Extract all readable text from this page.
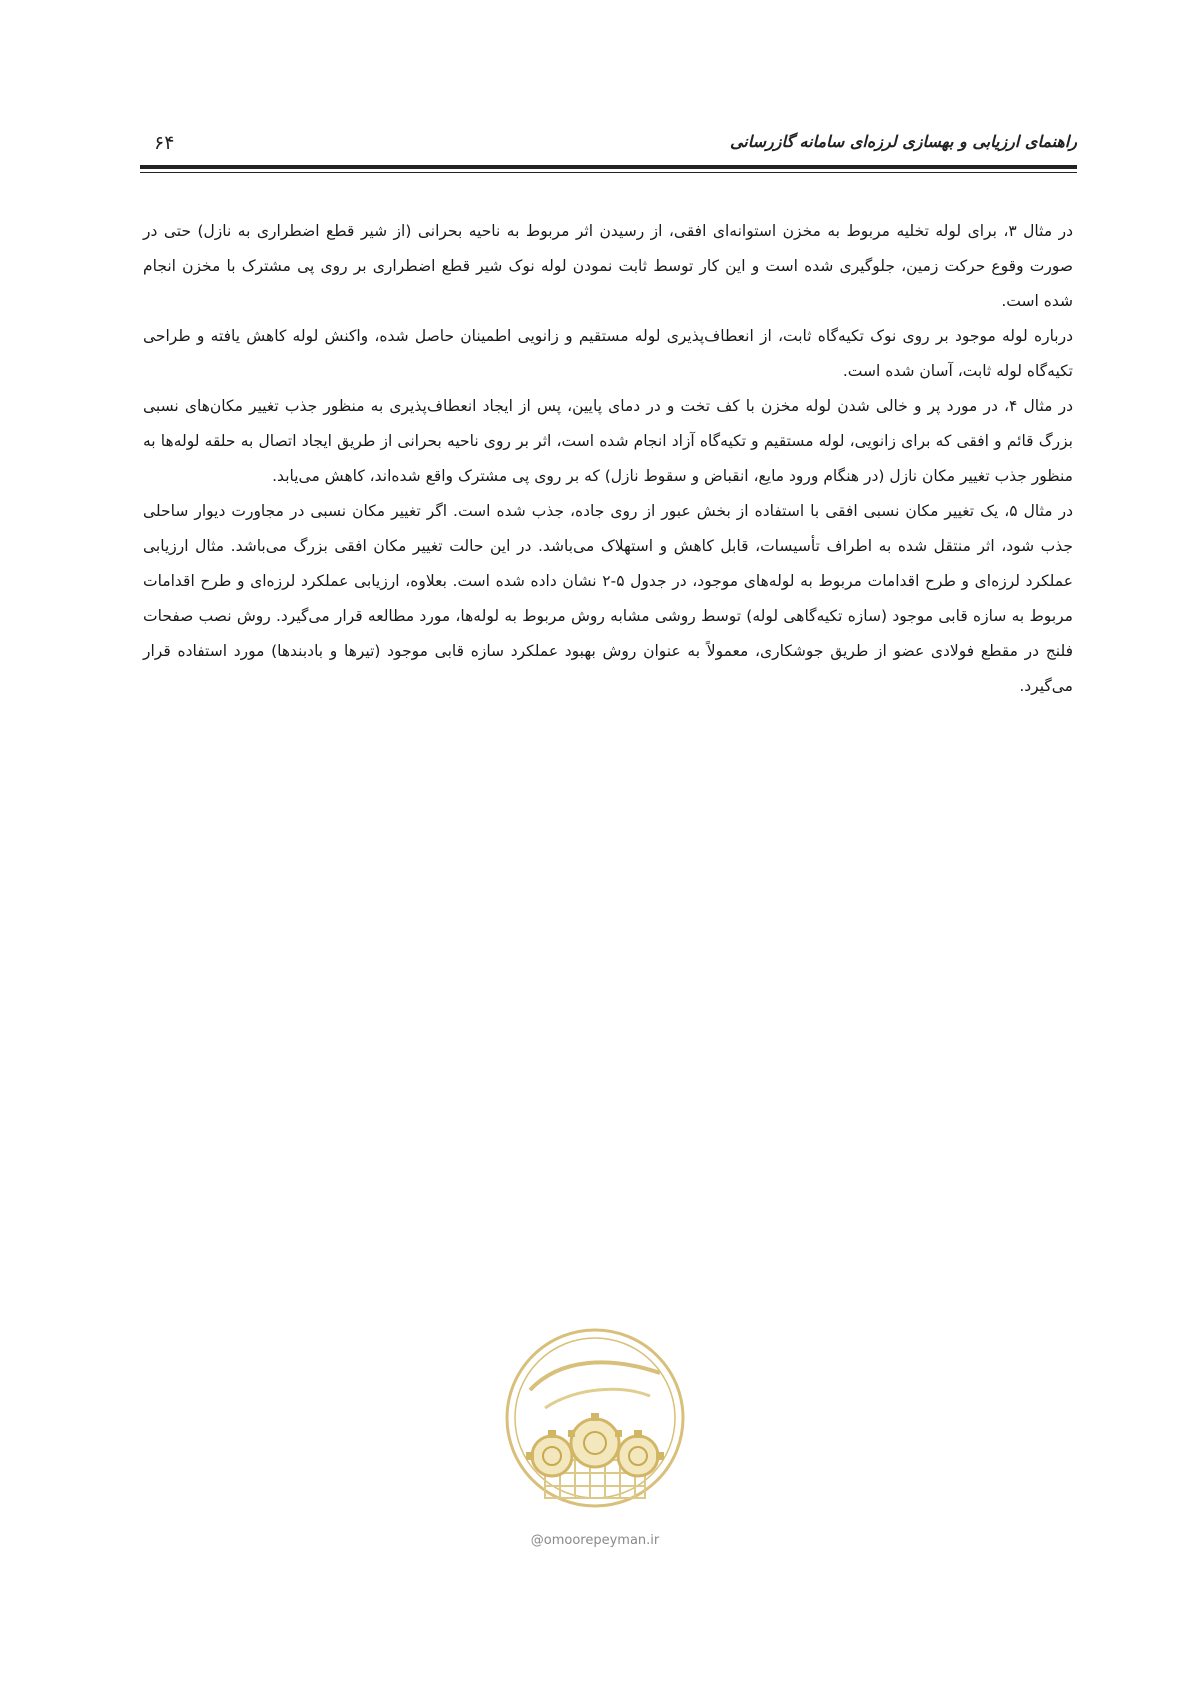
۶۴	راهنمای ارزیابی و بهسازی لرزه‌ای سامانه گازرسانی

در مثال ۳، برای لوله تخلیه مربوط به مخزن استوانه‌ای افقی، از رسیدن اثر مربوط به ناحیه بحرانی (از شیر قطع اضطراری به نازل) حتی در صورت وقوع حرکت زمین، جلوگیری شده است و این کار توسط ثابت نمودن لوله نوک شیر قطع اضطراری بر روی پی مشترک با مخزن انجام شده است.

درباره لوله موجود بر روی نوک تکیه‌گاه ثابت، از انعطاف‌پذیری لوله مستقیم و زانویی اطمینان حاصل شده، واکنش لوله کاهش یافته و طراحی تکیه‌گاه لوله ثابت، آسان شده است.

در مثال ۴، در مورد پر و خالی شدن لوله مخزن با کف تخت و در دمای پایین، پس از ایجاد انعطاف‌پذیری به منظور جذب تغییر مکان‌های نسبی بزرگ قائم و افقی که برای زانویی، لوله مستقیم و تکیه‌گاه آزاد انجام شده است، اثر بر روی ناحیه بحرانی از طریق ایجاد اتصال به حلقه لوله‌ها به منظور جذب تغییر مکان نازل (در هنگام ورود مایع، انقباض و سقوط نازل) که بر روی پی مشترک واقع شده‌اند، کاهش می‌یابد.

در مثال ۵، یک تغییر مکان نسبی افقی با استفاده از بخش عبور از روی جاده، جذب شده است. اگر تغییر مکان نسبی در مجاورت دیوار ساحلی جذب شود، اثر منتقل شده به اطراف تأسیسات، قابل کاهش و استهلاک می‌باشد. در این حالت تغییر مکان افقی بزرگ می‌باشد. مثال ارزیابی عملکرد لرزه‌ای و طرح اقدامات مربوط به لوله‌های موجود، در جدول ۵-۲ نشان داده شده است. بعلاوه، ارزیابی عملکرد لرزه‌ای و طرح اقدامات مربوط به سازه قابی موجود (سازه تکیه‌گاهی لوله) توسط روشی مشابه روش مربوط به لوله‌ها، مورد مطالعه قرار می‌گیرد. روش نصب صفحات فلنج در مقطع فولادی عضو از طریق جوشکاری، معمولاً به عنوان روش بهبود عملکرد سازه قابی موجود (تیرها و بادبندها) مورد استفاده قرار می‌گیرد.

@omoorepeyman.ir
